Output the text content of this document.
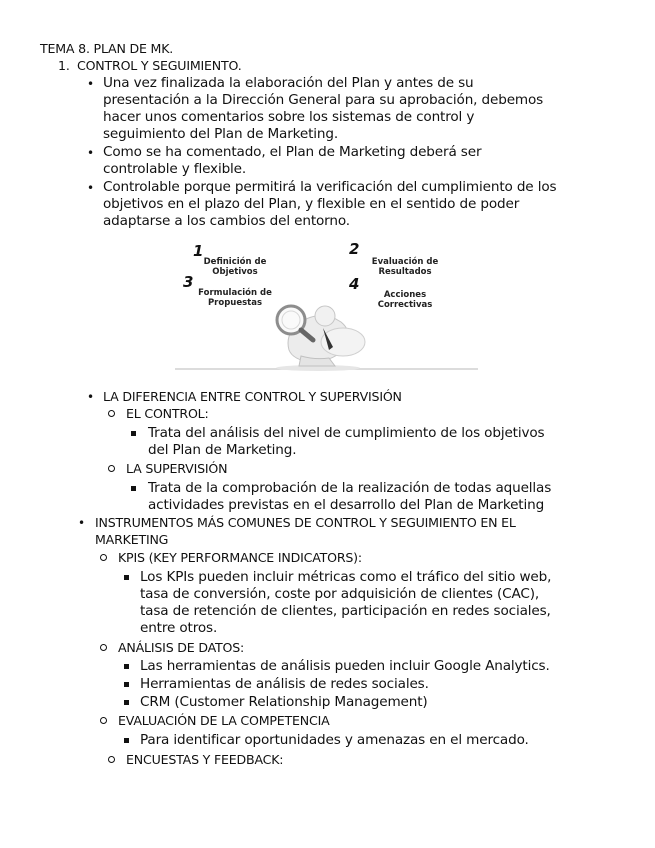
TEMA 8. PLAN DE MK.

1. CONTROL Y SEGUIMIENTO.

• Una vez finalizada la elaboración del Plan y antes de su

presentación a la Dirección General para su aprobación, debemos

hacer unos comentarios sobre los sistemas de control y

seguimiento del Plan de Marketing.

• Como se ha comentado, el Plan de Marketing deberá ser

controlable y flexible.

• Controlable porque permitirá la verificación del cumplimiento de los

objetivos en el plazo del Plan, y flexible en el sentido de poder

adaptarse a los cambios del entorno.

1
Definición de
Objetivos
2
Evaluación de
Resultados
3
Formulación de
Propuestas
4
Acciones
Correctivas
• LA DIFERENCIA ENTRE CONTROL Y SUPERVISIÓN

EL CONTROL:

Trata del análisis del nivel de cumplimiento de los objetivos

del Plan de Marketing.

LA SUPERVISIÓN

Trata de la comprobación de la realización de todas aquellas

actividades previstas en el desarrollo del Plan de Marketing

• INSTRUMENTOS MÁS COMUNES DE CONTROL Y SEGUIMIENTO EN EL

MARKETING

KPIS (KEY PERFORMANCE INDICATORS):

Los KPIs pueden incluir métricas como el tráfico del sitio web,

tasa de conversión, coste por adquisición de clientes (CAC),

tasa de retención de clientes, participación en redes sociales,

entre otros.

ANÁLISIS DE DATOS:

Las herramientas de análisis pueden incluir Google Analytics.

Herramientas de análisis de redes sociales.

CRM (Customer Relationship Management)

EVALUACIÓN DE LA COMPETENCIA

Para identificar oportunidades y amenazas en el mercado.

ENCUESTAS Y FEEDBACK:
